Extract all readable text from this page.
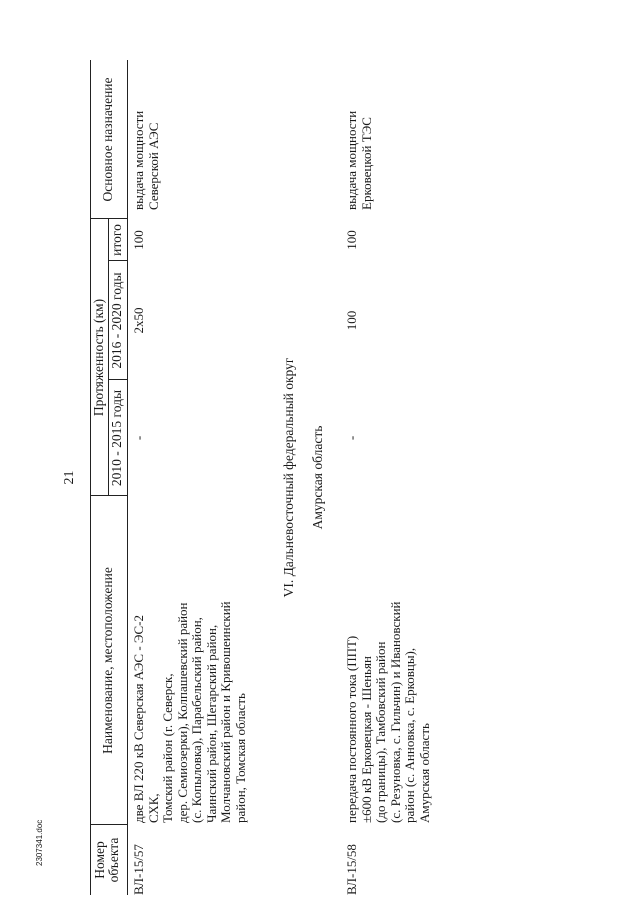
21
Номер объекта
Наименование, местоположение
Протяженность (км)
2010 - 2015 годы
2016 - 2020 годы
итого
Основное назначение
ВЛ-15/57
две ВЛ 220 кВ Северская АЭС - ЭС-2 СХК, Томский район (г. Северск, дер. Семиозерки), Колпашевский район (с. Копыловка), Парабельский район, Чаинский район, Шегарский район, Молчановский район и Кривошеинский район, Томская область
-
2x50
100
выдача мощности Северской АЭС
VI. Дальневосточный федеральный округ Амурская область
ВЛ-15/58
передача постоянного тока (ППТ) ±600 кВ Ерковецкая - Шеньян (до границы), Тамбовский район (с. Резуновка, с. Гильчин) и Ивановский район (с. Анновка, с. Ерковцы), Амурская область
-
100
100
выдача мощности Ерковецкой ТЭС
2307341.doc
